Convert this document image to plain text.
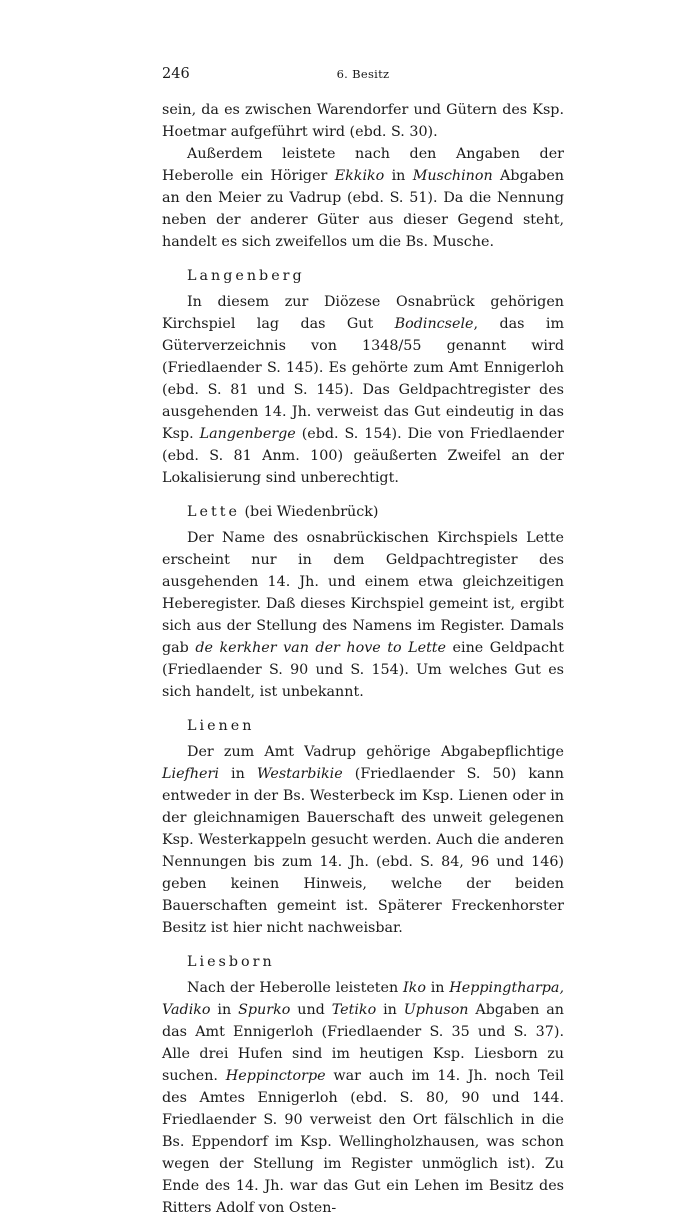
246	6. Besitz

sein, da es zwischen Warendorfer und Gütern des Ksp. Hoetmar aufgeführt wird (ebd. S. 30).

Außerdem leistete nach den Angaben der Heberolle ein Höriger Ekkiko in Muschinon Abgaben an den Meier zu Vadrup (ebd. S. 51). Da die Nennung neben der anderer Güter aus dieser Gegend steht, handelt es sich zweifellos um die Bs. Musche.

Langenberg

In diesem zur Diözese Osnabrück gehörigen Kirchspiel lag das Gut Bodincsele, das im Güterverzeichnis von 1348/55 genannt wird (Friedlaender S. 145). Es gehörte zum Amt Ennigerloh (ebd. S. 81 und S. 145). Das Geldpachtregister des ausgehenden 14. Jh. verweist das Gut eindeutig in das Ksp. Langenberge (ebd. S. 154). Die von Friedlaender (ebd. S. 81 Anm. 100) geäußerten Zweifel an der Lokalisierung sind unberechtigt.

Lette (bei Wiedenbrück)

Der Name des osnabrückischen Kirchspiels Lette erscheint nur in dem Geldpachtregister des ausgehenden 14. Jh. und einem etwa gleichzeitigen Heberegister. Daß dieses Kirchspiel gemeint ist, ergibt sich aus der Stellung des Namens im Register. Damals gab de kerkher van der hove to Lette eine Geldpacht (Friedlaender S. 90 und S. 154). Um welches Gut es sich handelt, ist unbekannt.

Lienen

Der zum Amt Vadrup gehörige Abgabepflichtige Liefheri in Westarbikie (Friedlaender S. 50) kann entweder in der Bs. Westerbeck im Ksp. Lienen oder in der gleichnamigen Bauerschaft des unweit gelegenen Ksp. Westerkappeln gesucht werden. Auch die anderen Nennungen bis zum 14. Jh. (ebd. S. 84, 96 und 146) geben keinen Hinweis, welche der beiden Bauerschaften gemeint ist. Späterer Freckenhorster Besitz ist hier nicht nachweisbar.

Liesborn

Nach der Heberolle leisteten Iko in Heppingtharpa, Vadiko in Spurko und Tetiko in Uphuson Abgaben an das Amt Ennigerloh (Friedlaender S. 35 und S. 37). Alle drei Hufen sind im heutigen Ksp. Liesborn zu suchen. Heppinctorpe war auch im 14. Jh. noch Teil des Amtes Ennigerloh (ebd. S. 80, 90 und 144. Friedlaender S. 90 verweist den Ort fälschlich in die Bs. Eppendorf im Ksp. Wellingholzhausen, was schon wegen der Stellung im Register unmöglich ist). Zu Ende des 14. Jh. war das Gut ein Lehen im Besitz des Ritters Adolf von Osten-
